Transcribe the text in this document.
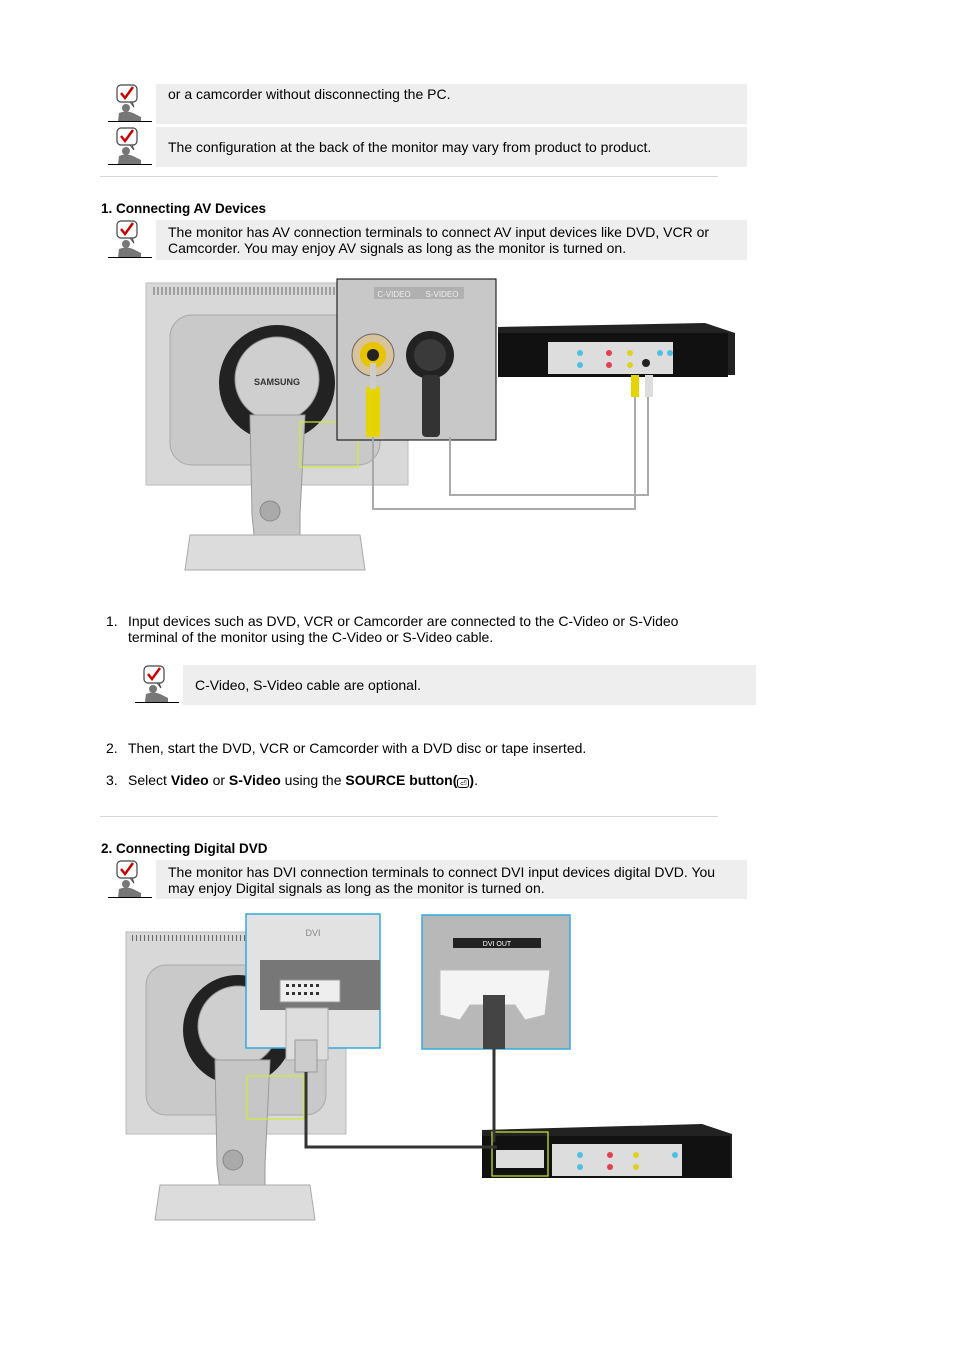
or a camcorder without disconnecting the PC.
The configuration at the back of the monitor may vary from product to product.
1. Connecting AV Devices
The monitor has AV connection terminals to connect AV input devices like DVD, VCR or Camcorder. You may enjoy AV signals as long as the monitor is turned on.
SAMSUNG
C-VIDEO S-VIDEO
1. Input devices such as DVD, VCR or Camcorder are connected to the C-Video or S-Video terminal of the monitor using the C-Video or S-Video cable.
C-Video, S-Video cable are optional.
2. Then, start the DVD, VCR or Camcorder with a DVD disc or tape inserted.
3. Select Video or S-Video using the SOURCE button( ⏎ ).
2. Connecting Digital DVD
The monitor has DVI connection terminals to connect DVI input devices digital DVD. You may enjoy Digital signals as long as the monitor is turned on.
DVI
DVI OUT
